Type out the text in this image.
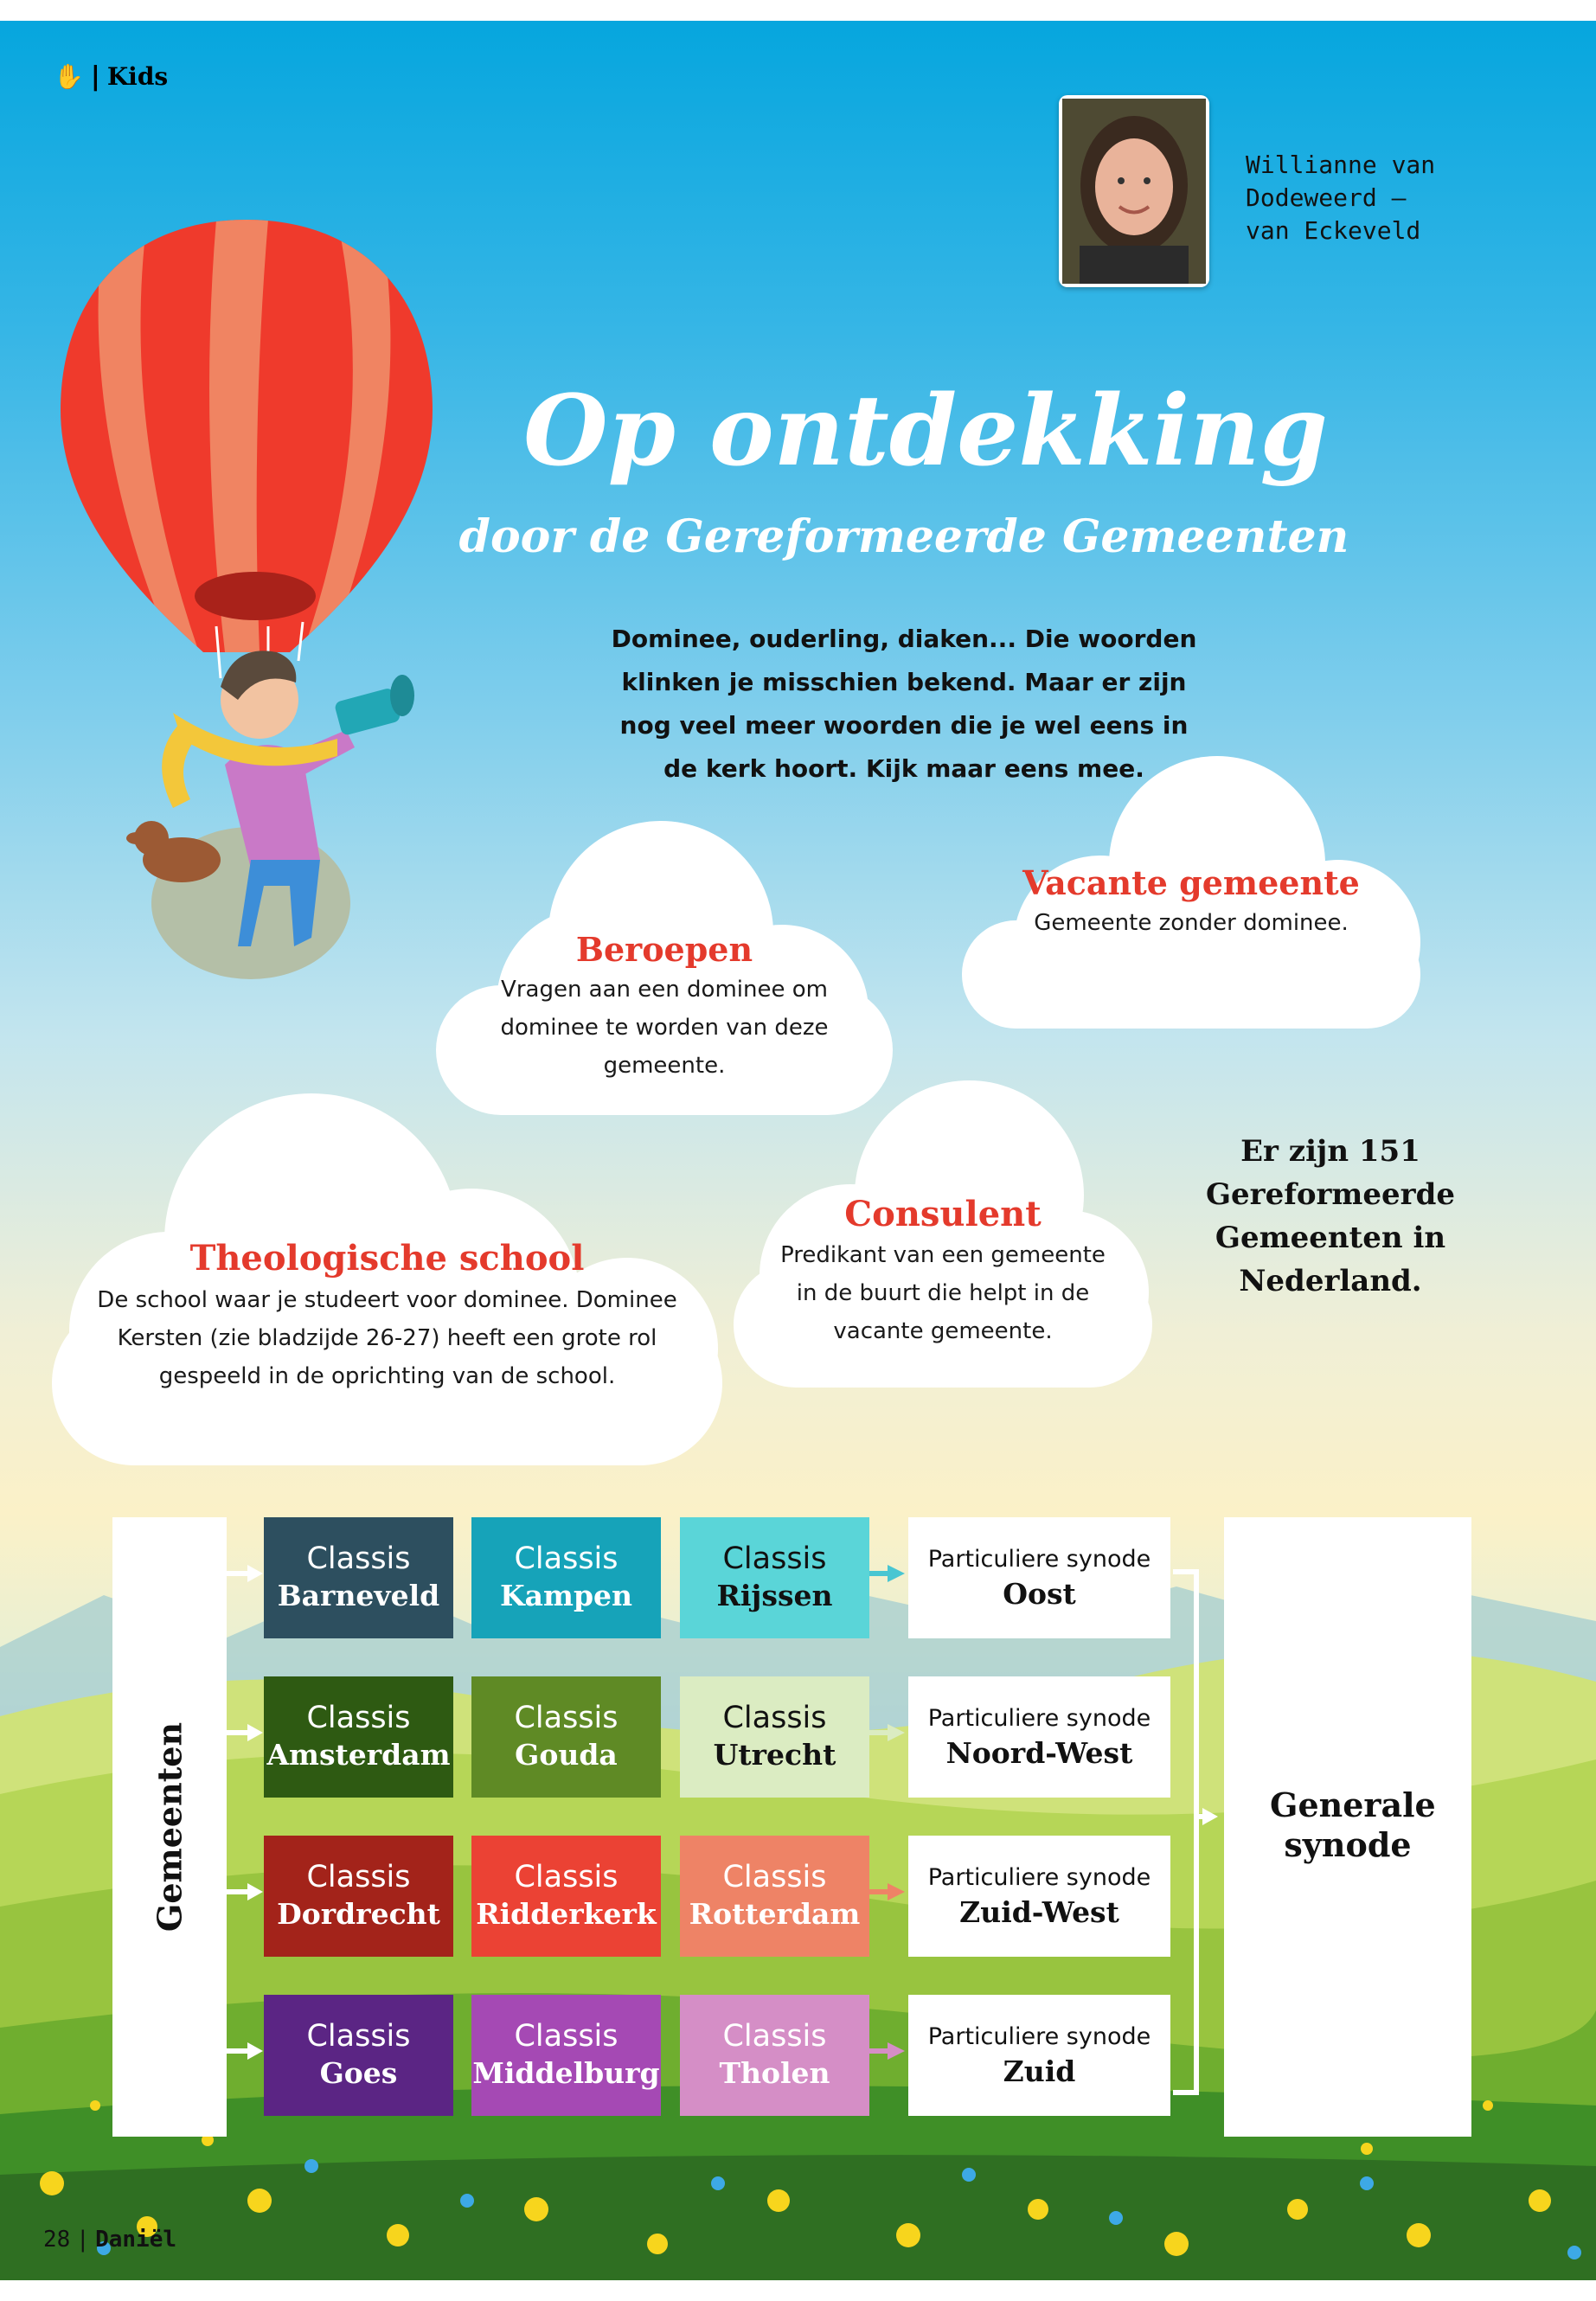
✋ | Kids
Willianne van Dodeweerd – van Eckeveld
Op ontdekking
door de Gereformeerde Gemeenten
Dominee, ouderling, diaken... Die woorden klinken je misschien bekend. Maar er zijn nog veel meer woorden die je wel eens in de kerk hoort. Kijk maar eens mee.
Vacante gemeente
Gemeente zonder dominee.
Beroepen
Vragen aan een dominee om dominee te worden van deze gemeente.
Theologische school
De school waar je studeert voor dominee. Dominee Kersten (zie bladzijde 26-27) heeft een grote rol gespeeld in de oprichting van de school.
Consulent
Predikant van een gemeente in de buurt die helpt in de vacante gemeente.
Er zijn 151 Gereformeerde Gemeenten in Nederland.
Gemeenten	Generale synode
Classis
Barneveld
Classis
Kampen
Classis
Rijssen
Particuliere synode
Oost
Classis
Amsterdam
Classis
Gouda
Classis
Utrecht
Particuliere synode
Noord-West
Classis
Dordrecht
Classis
Ridderkerk
Classis
Rotterdam
Particuliere synode
Zuid-West
Classis
Goes
Classis
Middelburg
Classis
Tholen
Particuliere synode
Zuid
28 | Daniël
